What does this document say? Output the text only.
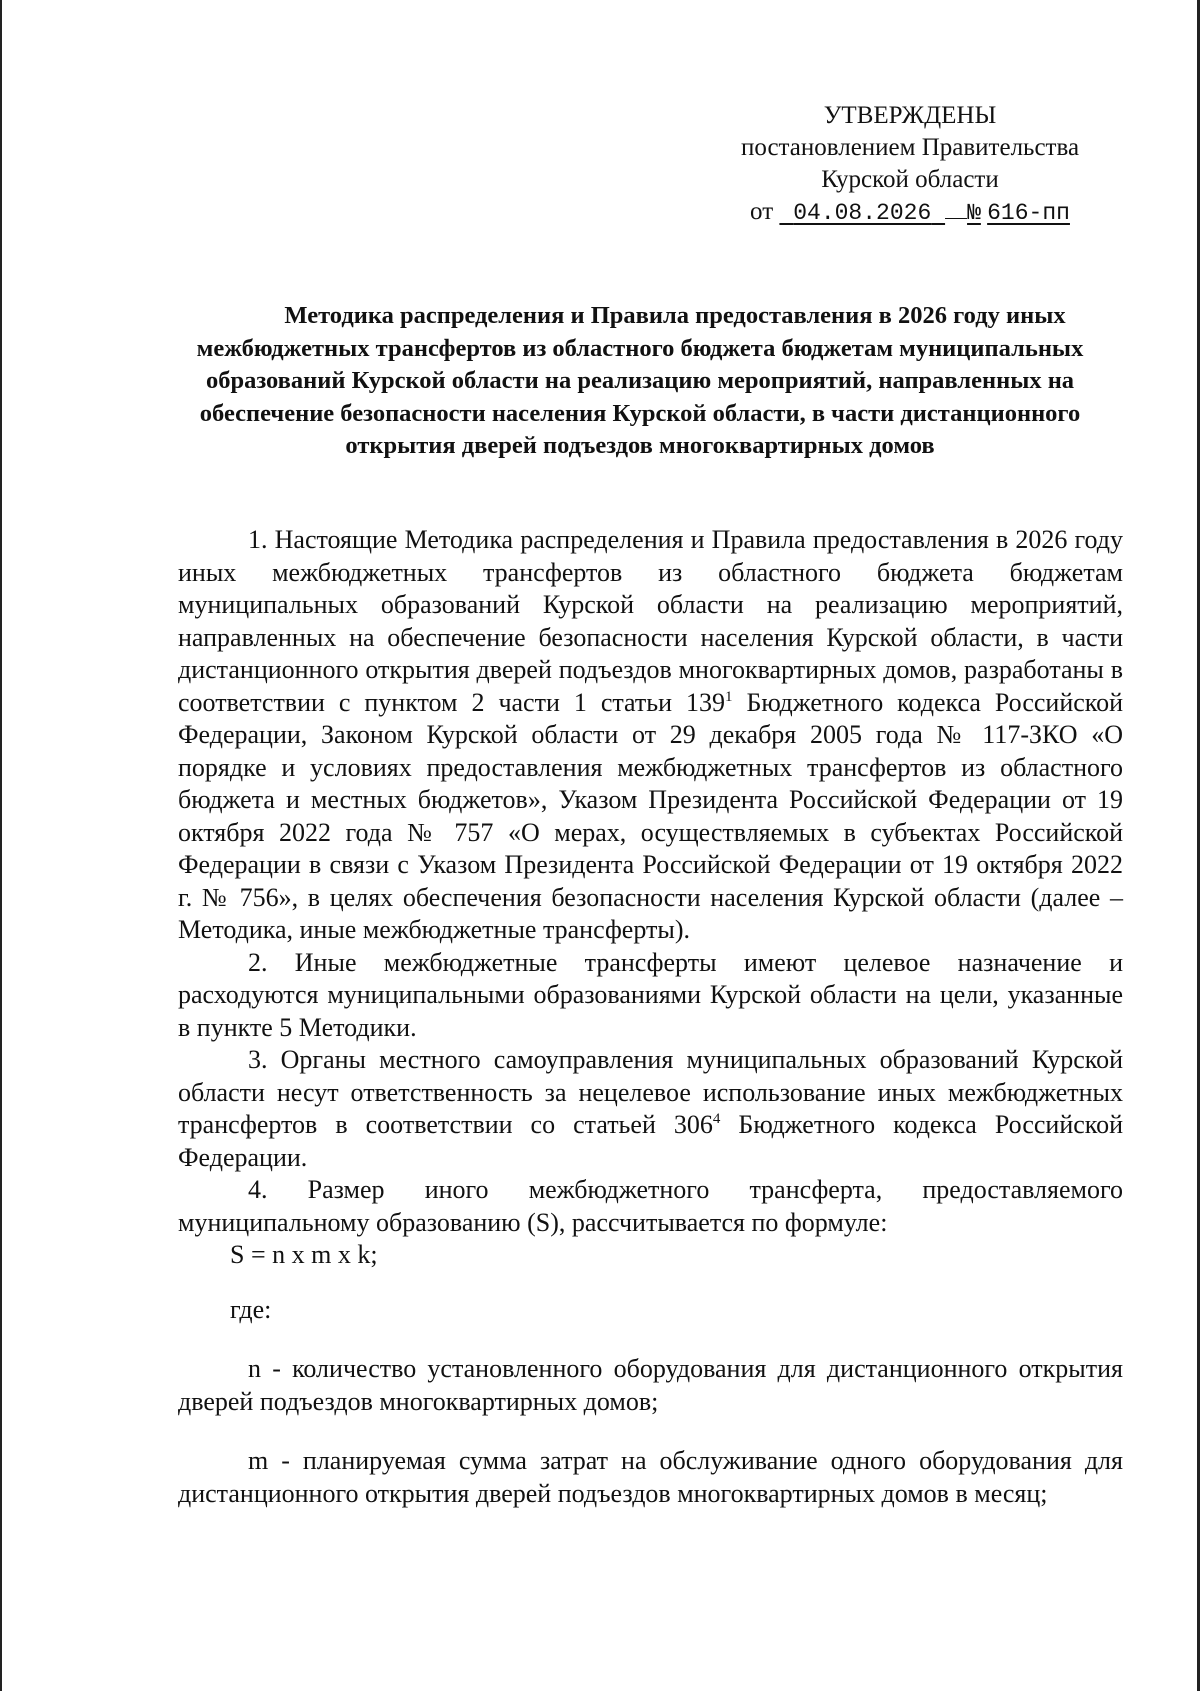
УТВЕРЖДЕНЫ
постановлением Правительства
Курской области
от 04.08.2026 № 616-пп
Методика распределения и Правила предоставления в 2026 году иных межбюджетных трансфертов из областного бюджета бюджетам муниципальных образований Курской области на реализацию мероприятий, направленных на обеспечение безопасности населения Курской области, в части дистанционного открытия дверей подъездов многоквартирных домов

1. Настоящие Методика распределения и Правила предоставления в 2026 году иных межбюджетных трансфертов из областного бюджета бюджетам муниципальных образований Курской области на реализацию мероприятий, направленных на обеспечение безопасности населения Курской области, в части дистанционного открытия дверей подъездов многоквартирных домов, разработаны в соответствии с пунктом 2 части 1 статьи $139^1$ Бюджетного кодекса Российской Федерации, Законом Курской области от 29 декабря 2005 года № 117-ЗКО «О порядке и условиях предоставления межбюджетных трансфертов из областного бюджета и местных бюджетов», Указом Президента Российской Федерации от 19 октября 2022 года № 757 «О мерах, осуществляемых в субъектах Российской Федерации в связи с Указом Президента Российской Федерации от 19 октября 2022 г. № 756», в целях обеспечения безопасности населения Курской области (далее – Методика, иные межбюджетные трансферты).

2. Иные межбюджетные трансферты имеют целевое назначение и расходуются муниципальными образованиями Курской области на цели, указанные в пункте 5 Методики.

3. Органы местного самоуправления муниципальных образований Курской области несут ответственность за нецелевое использование иных межбюджетных трансфертов в соответствии со статьей $306^4$ Бюджетного кодекса Российской Федерации.

4. Размер иного межбюджетного трансферта, предоставляемого муниципальному образованию (S), рассчитывается по формуле:

S = n x m x k;

где:

n - количество установленного оборудования для дистанционного открытия дверей подъездов многоквартирных домов;

m - планируемая сумма затрат на обслуживание одного оборудования для дистанционного открытия дверей подъездов многоквартирных домов в месяц;
